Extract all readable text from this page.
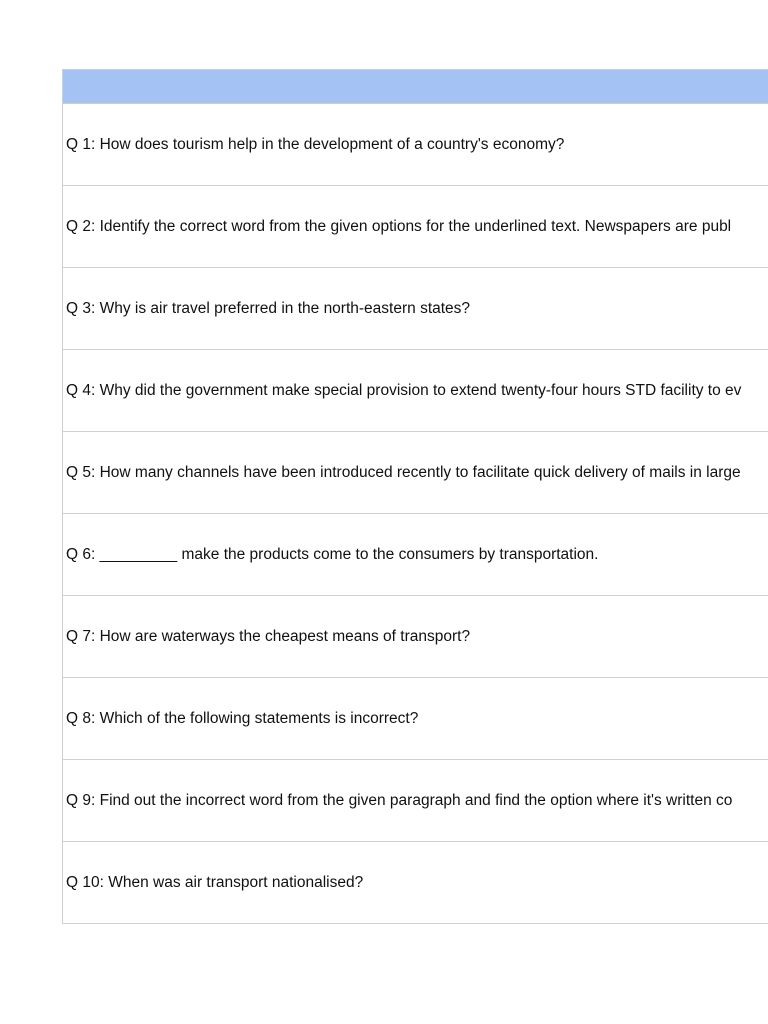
Q 1: How does tourism help in the development of a country's economy?
Q 2: Identify the correct word from the given options for the underlined text. Newspapers are publ
Q 3: Why is air travel preferred in the north-eastern states?
Q 4: Why did the government make special provision to extend twenty-four hours STD facility to ev
Q 5: How many channels have been introduced recently to facilitate quick delivery of mails in large
Q 6: _________ make the products come to the consumers by transportation.
Q 7: How are waterways the cheapest means of transport?
Q 8: Which of the following statements is incorrect?
Q 9: Find out the incorrect word from the given paragraph and find the option where it's written co
Q 10: When was air transport nationalised?
